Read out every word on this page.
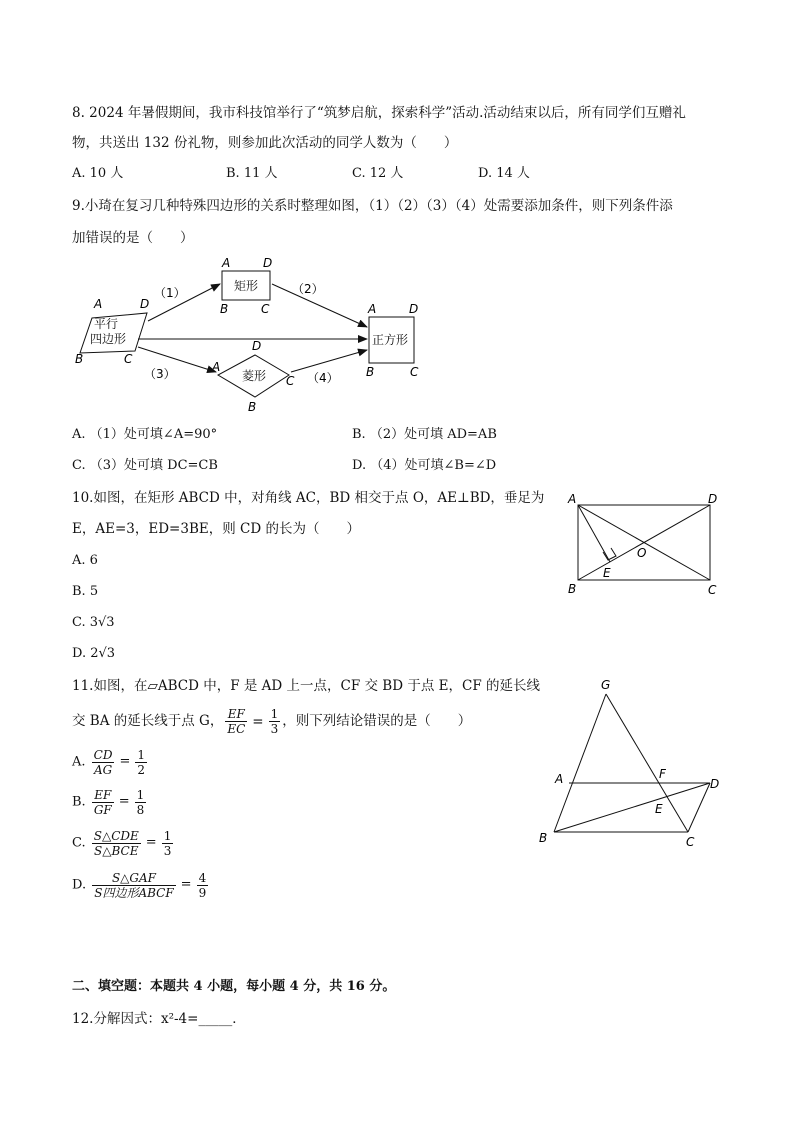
8. 2024 年暑假期间，我市科技馆举行了“筑梦启航，探索科学”活动.活动结束以后，所有同学们互赠礼
物，共送出 132 份礼物，则参加此次活动的同学人数为（　　）
A. 10 人	B. 11 人	C. 12 人	D. 14 人
9.小琦在复习几种特殊四边形的关系时整理如图，（1）（2）（3）（4）处需要添加条件，则下列条件添
加错误的是（　　）
平行
四边形
A	D
B	C
矩形
A	D
B	C
菱形
D
A
C
B
正方形
A	D
B	C
（1）	（2）
（3）	（4）
A. （1）处可填∠A=90°	B. （2）处可填 AD=AB
C. （3）处可填 DC=CB	D. （4）处可填∠B=∠D
10.如图，在矩形 ABCD 中，对角线 AC，BD 相交于点 O，AE⊥BD，垂足为
E，AE=3，ED=3BE，则 CD 的长为（　　）
A. 6
B. 5
C. 3√3
D. 2√3
A	D
B	C
O
E
11.如图，在▱ABCD 中，F 是 AD 上一点，CF 交 BD 于点 E，CF 的延长线
交 BA 的延长线于点 G， $\frac{EF}{EC} = \frac{1}{3}$ ，则下列结论错误的是（　　）
A. $\frac{CD}{AG} = \frac{1}{2}$
B. $\frac{EF}{GF} = \frac{1}{8}$
C. $\frac{\text{S△CDE}}{\text{S△BCE}} = \frac{1}{3}$
D. $\frac{\text{S△GAF}}{\text{S四边形ABCF}} = \frac{4}{9}$
G
A	F
D
E
B	C
二、填空题：本题共 4 小题，每小题 4 分，共 16 分。
12.分解因式：x²-4=_____．
